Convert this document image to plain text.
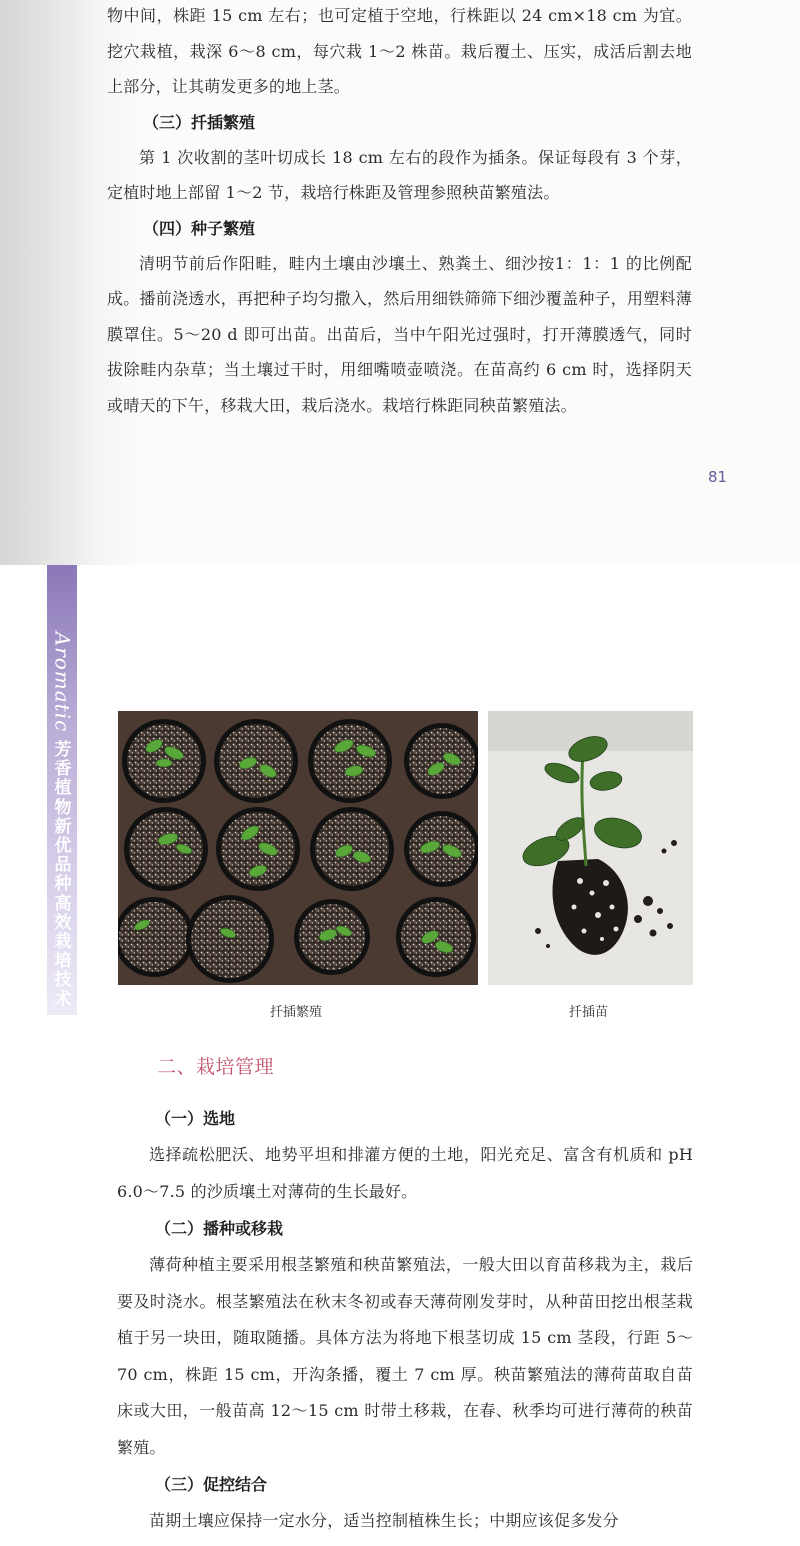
物中间，株距 15 cm 左右；也可定植于空地，行株距以 24 cm×18 cm 为宜。挖穴栽植，栽深 6～8 cm，每穴栽 1～2 株苗。栽后覆土、压实，成活后割去地上部分，让其萌发更多的地上茎。

（三）扦插繁殖

第 1 次收割的茎叶切成长 18 cm 左右的段作为插条。保证每段有 3 个芽，定植时地上部留 1～2 节，栽培行株距及管理参照秧苗繁殖法。

（四）种子繁殖

清明节前后作阳畦，畦内土壤由沙壤土、熟粪土、细沙按1：1：1 的比例配成。播前浇透水，再把种子均匀撒入，然后用细铁筛筛下细沙覆盖种子，用塑料薄膜罩住。5～20 d 即可出苗。出苗后，当中午阳光过强时，打开薄膜透气，同时拔除畦内杂草；当土壤过干时，用细嘴喷壶喷浇。在苗高约 6 cm 时，选择阴天或晴天的下午，移栽大田，栽后浇水。栽培行株距同秧苗繁殖法。

81
Aromatic
芳香植物新优品种高效栽培技术
扦插繁殖	扦插苗
二、栽培管理

（一）选地

选择疏松肥沃、地势平坦和排灌方便的土地，阳光充足、富含有机质和 pH 6.0～7.5 的沙质壤土对薄荷的生长最好。

（二）播种或移栽

薄荷种植主要采用根茎繁殖和秧苗繁殖法，一般大田以育苗移栽为主，栽后要及时浇水。根茎繁殖法在秋末冬初或春天薄荷刚发芽时，从种苗田挖出根茎栽植于另一块田，随取随播。具体方法为将地下根茎切成 15 cm 茎段，行距 5～70 cm，株距 15 cm，开沟条播，覆土 7 cm 厚。秧苗繁殖法的薄荷苗取自苗床或大田，一般苗高 12～15 cm 时带土移栽，在春、秋季均可进行薄荷的秧苗繁殖。

（三）促控结合

苗期土壤应保持一定水分，适当控制植株生长；中期应该促多发分
